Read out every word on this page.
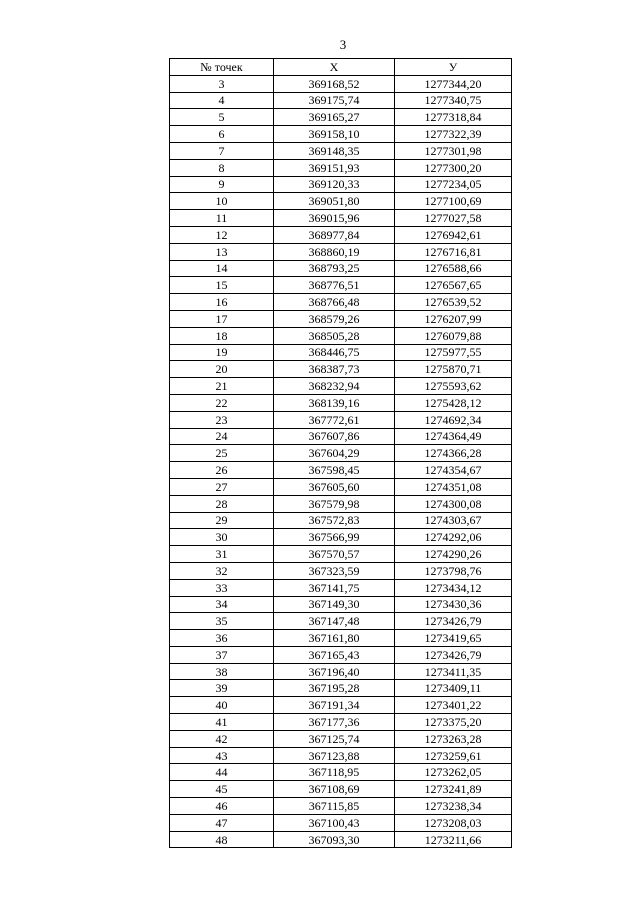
3
№ точек	Х	У
3	369168,52	1277344,20
4	369175,74	1277340,75
5	369165,27	1277318,84
6	369158,10	1277322,39
7	369148,35	1277301,98
8	369151,93	1277300,20
9	369120,33	1277234,05
10	369051,80	1277100,69
11	369015,96	1277027,58
12	368977,84	1276942,61
13	368860,19	1276716,81
14	368793,25	1276588,66
15	368776,51	1276567,65
16	368766,48	1276539,52
17	368579,26	1276207,99
18	368505,28	1276079,88
19	368446,75	1275977,55
20	368387,73	1275870,71
21	368232,94	1275593,62
22	368139,16	1275428,12
23	367772,61	1274692,34
24	367607,86	1274364,49
25	367604,29	1274366,28
26	367598,45	1274354,67
27	367605,60	1274351,08
28	367579,98	1274300,08
29	367572,83	1274303,67
30	367566,99	1274292,06
31	367570,57	1274290,26
32	367323,59	1273798,76
33	367141,75	1273434,12
34	367149,30	1273430,36
35	367147,48	1273426,79
36	367161,80	1273419,65
37	367165,43	1273426,79
38	367196,40	1273411,35
39	367195,28	1273409,11
40	367191,34	1273401,22
41	367177,36	1273375,20
42	367125,74	1273263,28
43	367123,88	1273259,61
44	367118,95	1273262,05
45	367108,69	1273241,89
46	367115,85	1273238,34
47	367100,43	1273208,03
48	367093,30	1273211,66
